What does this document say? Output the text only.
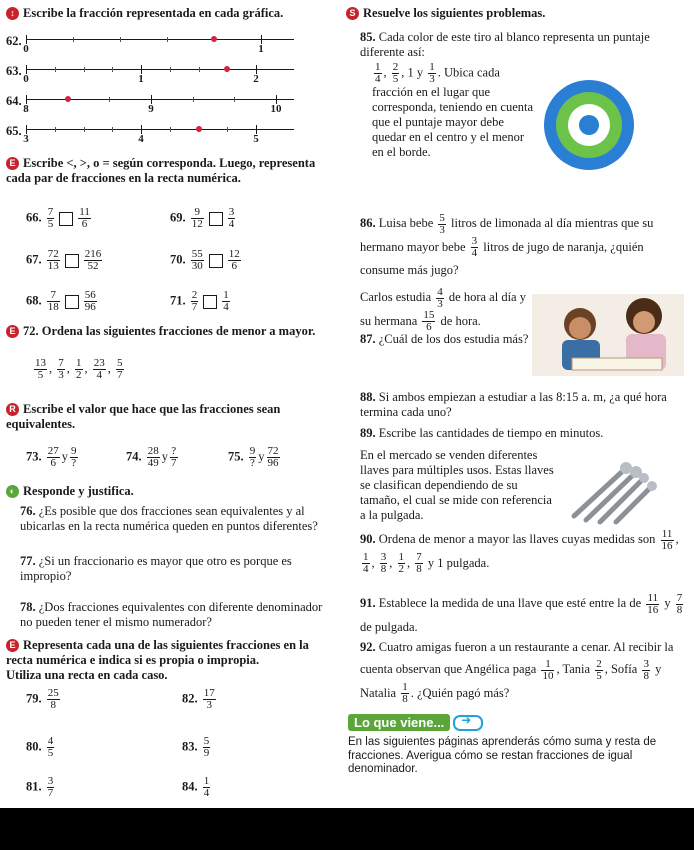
↕ Escribe la fracción representada en cada gráfica.
62.
0	1
63.
0	1	2
64.
8	9	10
65.
3	4	5
E Escribe <, >, o = según corresponda. Luego, representa cada par de fracciones en la recta numérica.
66. $\frac{7}{5} \frac{11}{6}$	69. $\frac{9}{12} \frac{3}{4}$
67. $\frac{72}{13} \frac{216}{52}$	70. $\frac{55}{30} \frac{12}{6}$
68. $\frac{7}{18} \frac{56}{96}$	71. $\frac{2}{7} \frac{1}{4}$
E 72. Ordena las siguientes fracciones de menor a mayor.
$\frac{13}{5}$ , $\frac{7}{3}$ , $\frac{1}{2}$ , $\frac{23}{4}$ , $\frac{5}{7}$
R Escribe el valor que hace que las fracciones sean equivalentes.
73. $\frac{27}{6}$ y $\frac{9}{?}$	74. $\frac{28}{49}$ y $\frac{?}{7}$	75. $\frac{9}{?}$ y $\frac{72}{96}$
◐ Responde y justifica.
76. ¿Es posible que dos fracciones sean equivalentes y al ubicarlas en la recta numérica queden en puntos diferentes?
77. ¿Si un fraccionario es mayor que otro es porque es impropio?
78. ¿Dos fracciones equivalentes con diferente denominador no pueden tener el mismo numerador?
E Representa cada una de las siguientes fracciones en la recta numérica e indica si es propia o impropia.
Utiliza una recta en cada caso.
79. $\frac{25}{8}$	82. $\frac{17}{3}$
80. $\frac{4}{5}$	83. $\frac{5}{9}$
81. $\frac{3}{7}$	84. $\frac{1}{4}$
S Resuelve los siguientes problemas.
85. Cada color de este tiro al blanco representa un puntaje diferente así:
$\frac{1}{4}$ , $\frac{2}{5}$ , 1 y $\frac{1}{3}$ . Ubica cada fracción en el lugar que corresponda, teniendo en cuenta que el puntaje mayor debe quedar en el centro y el menor en el borde.
86. Luisa bebe $\frac{5}{3}$ litros de limonada al día mientras que su hermano mayor bebe $\frac{3}{4}$ litros de jugo de naranja, ¿quién consume más jugo?
Carlos estudia $\frac{4}{3}$ de hora al día y su hermana $\frac{15}{6}$ de hora.
87. ¿Cuál de los dos estudia más?
88. Si ambos empiezan a estudiar a las 8:15 a. m, ¿a qué hora termina cada uno?
89. Escribe las cantidades de tiempo en minutos.
En el mercado se venden diferentes llaves para múltiples usos. Estas llaves se clasifican dependiendo de su tamaño, el cual se mide con referencia a la pulgada.
90. Ordena de menor a mayor las llaves cuyas medidas son $\frac{11}{16}$ ,
$\frac{1}{4}$ , $\frac{3}{8}$ , $\frac{1}{2}$ , $\frac{7}{8}$ y 1 pulgada.
91. Establece la medida de una llave que esté entre la de $\frac{11}{16}$ y $\frac{7}{8}$
de pulgada.
92. Cuatro amigas fueron a un restaurante a cenar. Al recibir la cuenta observan que Angélica paga $\frac{1}{10}$ , Tania $\frac{2}{5}$ , Sofía $\frac{3}{8}$ y Natalia $\frac{1}{8}$ . ¿Quién pagó más?
Lo que viene...➜
En las siguientes páginas aprenderás cómo suma y resta de fracciones. Averigua cómo se restan fracciones de igual denominador.
